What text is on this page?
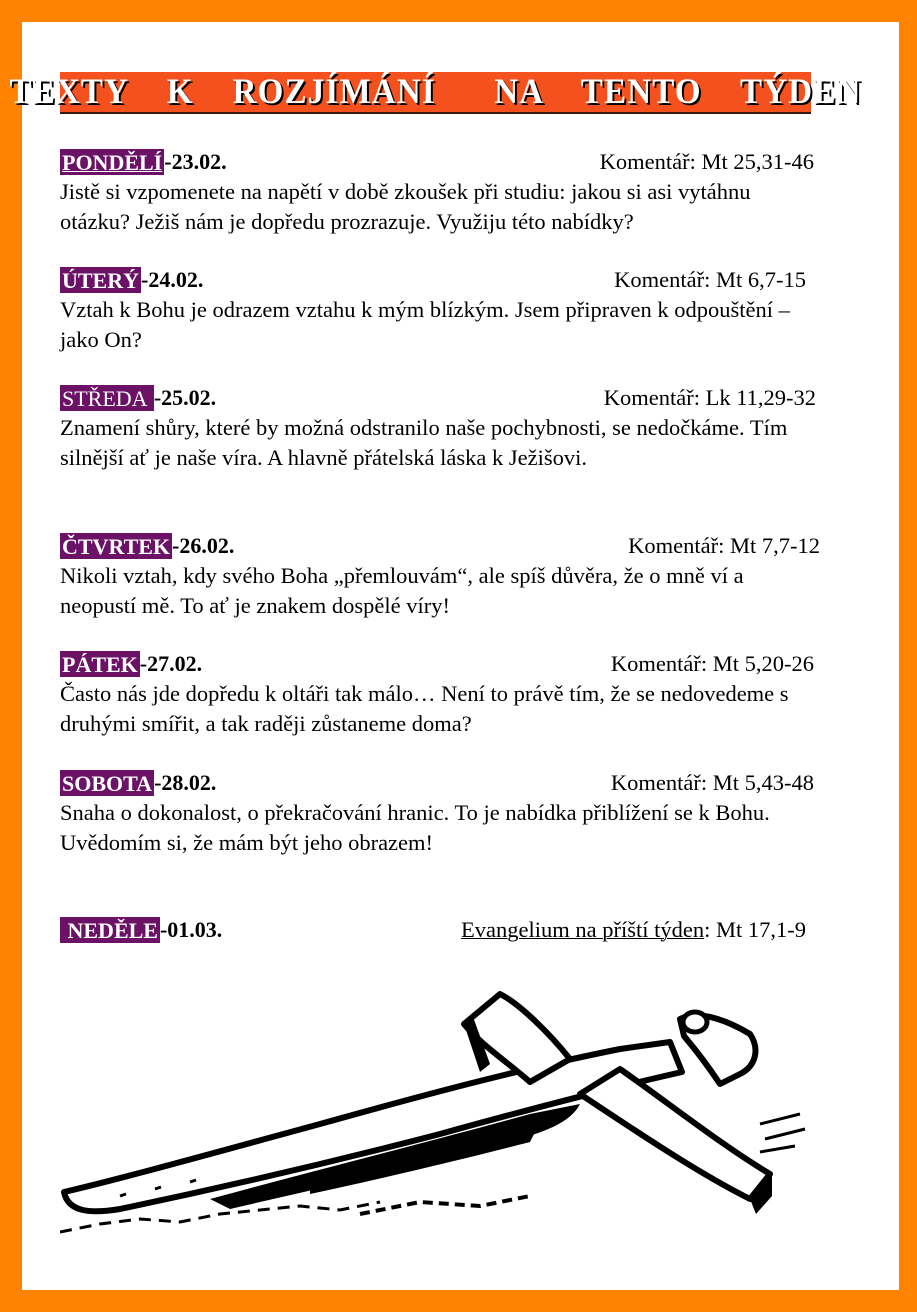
TEXTY  K  ROZJÍMÁNÍ   NA  TENTO  TÝDEN
PONDĚLÍ -23.02.	Komentář: Mt 25,31-46
Jistě si vzpomenete na napětí v době zkoušek při studiu: jakou si asi vytáhnu otázku? Ježiš nám je dopředu prozrazuje. Využiju této nabídky?
ÚTERÝ -24.02.	Komentář: Mt 6,7-15
Vztah k Bohu je odrazem vztahu k mým blízkým. Jsem připraven k odpouštění – jako On?
STŘEDA -25.02.	Komentář: Lk 11,29-32
Znamení shůry, které by možná odstranilo naše pochybnosti, se nedočkáme. Tím silnější ať je naše víra. A hlavně přátelská láska k Ježišovi.
ČTVRTEK -26.02.	Komentář: Mt 7,7-12
Nikoli vztah, kdy svého Boha „přemlouvám“, ale spíš důvěra, že o mně ví a neopustí mě. To ať je znakem dospělé víry!
PÁTEK -27.02.	Komentář: Mt 5,20-26
Často nás jde dopředu k oltáři tak málo… Není to právě tím, že se nedovedeme s druhými smířit, a tak raději zůstaneme doma?
SOBOTA -28.02.	Komentář: Mt 5,43-48
Snaha o dokonalost, o překračování hranic. To je nabídka přiblížení se k Bohu. Uvědomím si, že mám být jeho obrazem!
NEDĚLE -01.03.	Evangelium na příští týden: Mt 17,1-9
